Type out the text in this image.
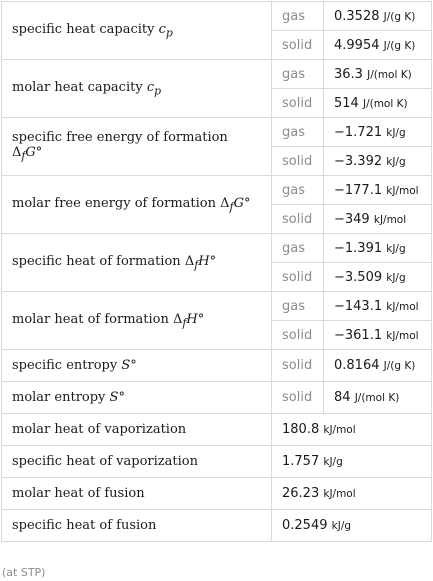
specific heat capacity $c_p$	gas	0.3528 J/(g K)
	solid	4.9954 J/(g K)
molar heat capacity $c_p$	gas	36.3 J/(mol K)
	solid	514 J/(mol K)
specific free energy of formation $\Delta_fG^\circ$	gas	−1.721 kJ/g
	solid	−3.392 kJ/g
molar free energy of formation $\Delta_fG^\circ$	gas	−177.1 kJ/mol
	solid	−349 kJ/mol
specific heat of formation $\Delta_fH^\circ$	gas	−1.391 kJ/g
	solid	−3.509 kJ/g
molar heat of formation $\Delta_fH^\circ$	gas	−143.1 kJ/mol
	solid	−361.1 kJ/mol
specific entropy S°	solid	0.8164 J/(g K)
molar entropy S°	solid	84 J/(mol K)
molar heat of vaporization	180.8 kJ/mol	
specific heat of vaporization	1.757 kJ/g	
molar heat of fusion	26.23 kJ/mol	
specific heat of fusion	0.2549 kJ/g	
(at STP)
